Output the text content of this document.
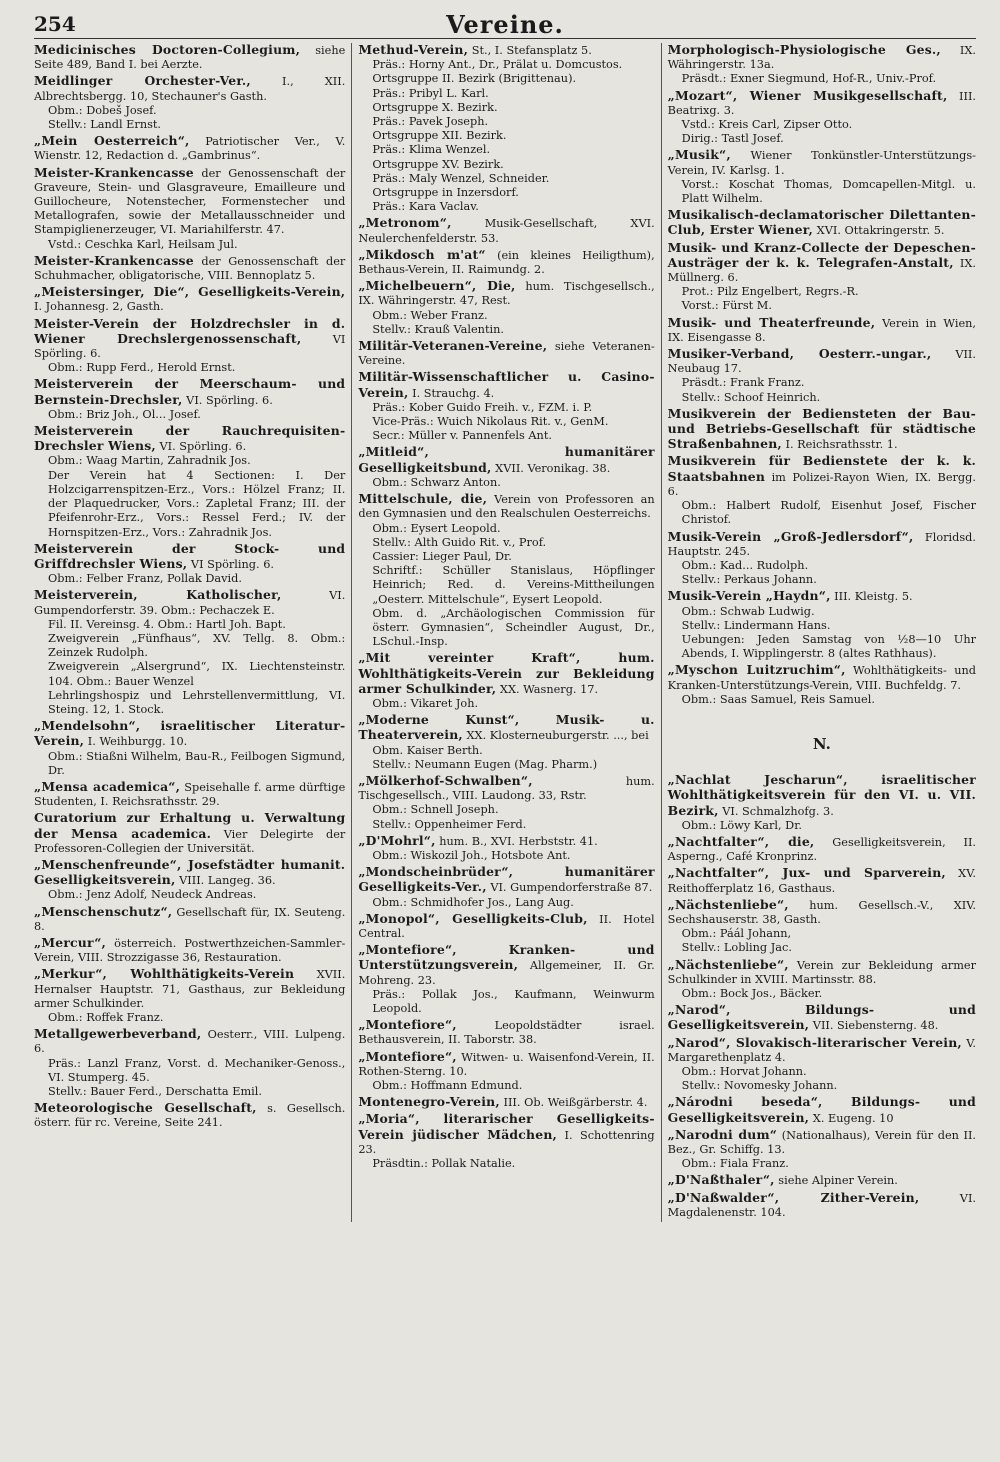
254	Vereine.
Medicinisches Doctoren-Collegium, siehe Seite 489, Band I. bei Aerzte.
Meidlinger Orchester-Ver.,	I., XII. Albrechtsbergg. 10, Stechauner's Gasth.
Obm.: Dobeš Josef.
Stellv.: Landl Ernst.
„Mein Oesterreich“, Patriotischer Ver., V. Wienstr. 12, Redaction d. „Gambrinus“.
Meister-Krankencasse der Genossenschaft der Graveure, Stein- und Glasgraveure, Emailleure und Guillocheure, Notenstecher, Formenstecher und Metallografen, sowie der Metallausschneider und Stampiglienerzeuger, VI. Mariahilferstr. 47.
Vstd.: Ceschka Karl, Heilsam Jul.
Meister-Krankencasse der Genossenschaft der Schuhmacher, obligatorische, VIII. Bennoplatz 5.
„Meistersinger, Die“, Geselligkeits-Verein, I. Johannesg. 2, Gasth.
Meister-Verein der Holzdrechsler in d. Wiener Drechslergenossenschaft,	VI Spörling. 6.
Obm.: Rupp Ferd., Herold Ernst.
Meisterverein der Meerschaum- und Bernstein-Drechsler, VI. Spörling. 6.
Obm.: Briz Joh., Ol... Josef.
Meisterverein der Rauchrequisiten-Drechsler Wiens, VI. Spörling. 6.
Obm.: Waag Martin, Zahradnik Jos.
Der Verein hat 4 Sectionen: I. Der Holzcigarrenspitzen-Erz., Vors.: Hölzel Franz; II. der Plaquedrucker, Vors.: Zapletal Franz; III. der Pfeifenrohr-Erz., Vors.: Ressel Ferd.; IV. der Hornspitzen-Erz., Vors.: Zahradnik Jos.
Meisterverein der Stock- und Griffdrechsler Wiens, VI Spörling. 6.
Obm.: Felber Franz, Pollak David.
Meisterverein, Katholischer,	VI. Gumpendorferstr. 39. Obm.: Pechaczek E.
Fil. II. Vereinsg. 4. Obm.: Hartl Joh. Bapt.
Zweigverein „Fünfhaus“, XV. Tellg. 8. Obm.: Zeinzek Rudolph.
Zweigverein „Alsergrund“, IX. Liechtensteinstr. 104. Obm.: Bauer Wenzel
Lehrlingshospiz und Lehrstellenvermittlung, VI. Steing. 12, 1. Stock.
„Mendelsohn“, israelitischer Literatur-Verein, I. Weihburgg. 10.
Obm.: Stiaßni Wilhelm, Bau-R., Feilbogen Sigmund, Dr.
„Mensa academica“, Speisehalle f. arme dürftige Studenten, I. Reichsrathsstr. 29.
Curatorium zur Erhaltung u. Verwaltung der Mensa academica. Vier Delegirte der Professoren-Collegien der Universität.
„Menschenfreunde“, Josefstädter humanit. Geselligkeitsverein, VIII. Langeg. 36.
Obm.: Jenz Adolf, Neudeck Andreas.
„Menschenschutz“, Gesellschaft für, IX. Seuteng. 8.
„Mercur“, österreich. Postwerthzeichen-Sammler-Verein, VIII. Strozzigasse 36, Restauration.
„Merkur“, Wohlthätigkeits-Verein XVII. Hernalser Hauptstr. 71, Gasthaus, zur Bekleidung armer Schulkinder.
Obm.: Roffek Franz.
Metallgewerbeverband, Oesterr., VIII. Lulpeng. 6.
Präs.: Lanzl Franz, Vorst. d. Mechaniker-Genoss., VI. Stumperg. 45.
Stellv.: Bauer Ferd., Derschatta Emil.
Meteorologische Gesellschaft, s. Gesellsch. österr. für rc. Vereine, Seite 241.
Methud-Verein, St., I. Stefansplatz 5.
Präs.: Horny Ant., Dr., Prälat u. Domcustos.
Ortsgruppe II. Bezirk (Brigittenau).
Präs.: Pribyl L. Karl.
Ortsgruppe X. Bezirk.
Präs.: Pavek Joseph.
Ortsgruppe XII. Bezirk.
Präs.: Klima Wenzel.
Ortsgruppe XV. Bezirk.
Präs.: Maly Wenzel, Schneider.
Ortsgruppe in Inzersdorf.
Präs.: Kara Vaclav.
„Metronom“,	Musik-Gesellschaft, XVI. Neulerchenfelderstr. 53.
„Mikdosch m'at“ (ein kleines Heiligthum), Bethaus-Verein, II. Raimundg. 2.
„Michelbeuern“, Die, hum. Tischgesellsch., IX. Währingerstr. 47, Rest.
Obm.: Weber Franz.
Stellv.: Krauß Valentin.
Militär-Veteranen-Vereine, siehe Veteranen-Vereine.
Militär-Wissenschaftlicher u. Casino-Verein, I. Strauchg. 4.
Präs.: Kober Guido Freih. v., FZM. i. P.
Vice-Präs.: Wuich Nikolaus Rit. v., GenM.
Secr.: Müller v. Pannenfels Ant.
„Mitleid“, humanitärer Geselligkeitsbund, XVII. Veronikag. 38.
Obm.: Schwarz Anton.
Mittelschule, die, Verein von Professoren an den Gymnasien und den Realschulen Oesterreichs.
Obm.: Eysert Leopold.
Stellv.: Alth Guido Rit. v., Prof.
Cassier: Lieger Paul, Dr.
Schriftf.: Schüller Stanislaus, Höpflinger Heinrich; Red. d. Vereins-Mittheilungen „Oesterr. Mittelschule“, Eysert Leopold.
Obm. d. „Archäologischen Commission für österr. Gymnasien“, Scheindler August, Dr., LSchul.-Insp.
„Mit vereinter Kraft“, hum. Wohlthätigkeits-Verein zur Bekleidung armer Schulkinder, XX. Wasnerg. 17.
Obm.: Vikaret Joh.
„Moderne Kunst“, Musik- u. Theaterverein, XX. Klosterneuburgerstr. ..., bei
Obm. Kaiser Berth.
Stellv.: Neumann Eugen (Mag. Pharm.)
„Mölkerhof-Schwalben“,	hum. Tischgesellsch., VIII. Laudong. 33, Rstr.
Obm.: Schnell Joseph.
Stellv.: Oppenheimer Ferd.
„D'Mohrl“, hum. B., XVI. Herbststr. 41.
Obm.: Wiskozil Joh., Hotsbote Ant.
„Mondscheinbrüder“, humanitärer Geselligkeits-Ver., VI. Gumpendorferstraße 87.
Obm.: Schmidhofer Jos., Lang Aug.
„Monopol“, Geselligkeits-Club, II. Hotel Central.
„Montefiore“, Kranken- und Unterstützungsverein, Allgemeiner, II. Gr. Mohreng. 23.
Präs.: Pollak Jos., Kaufmann, Weinwurm Leopold.
„Montefiore“,	Leopoldstädter israel. Bethausverein, II. Taborstr. 38.
„Montefiore“, Witwen- u. Waisenfond-Verein, II. Rothen-Sterng. 10.
Obm.: Hoffmann Edmund.
Montenegro-Verein, III. Ob. Weißgärberstr. 4.
„Moria“, literarischer Geselligkeits-Verein jüdischer Mädchen, I. Schottenring 23.
Präsdtin.: Pollak Natalie.
Morphologisch-Physiologische Ges., IX. Währingerstr. 13a.
Präsdt.: Exner Siegmund, Hof-R., Univ.-Prof.
„Mozart“, Wiener Musikgesellschaft, III. Beatrixg. 3.
Vstd.: Kreis Carl, Zipser Otto.
Dirig.: Tastl Josef.
„Musik“, Wiener Tonkünstler-Unterstützungs-Verein, IV. Karlsg. 1.
Vorst.: Koschat Thomas, Domcapellen-Mitgl. u. Platt Wilhelm.
Musikalisch-declamatorischer Dilettanten-Club, Erster Wiener, XVI. Ottakringerstr. 5.
Musik- und Kranz-Collecte der Depeschen-Austräger der k. k. Telegrafen-Anstalt, IX. Müllnerg. 6.
Prot.: Pilz Engelbert, Regrs.-R.
Vorst.: Fürst M.
Musik- und Theaterfreunde, Verein in Wien, IX. Eisengasse 8.
Musiker-Verband, Oesterr.-ungar., VII. Neubaug 17.
Präsdt.: Frank Franz.
Stellv.: Schoof Heinrich.
Musikverein der Bediensteten der Bau- und Betriebs-Gesellschaft für städtische Straßenbahnen, I. Reichsrathsstr. 1.
Musikverein für Bedienstete der k. k. Staatsbahnen im Polizei-Rayon Wien, IX. Bergg. 6.
Obm.: Halbert Rudolf, Eisenhut Josef, Fischer Christof.
Musik-Verein „Groß-Jedlersdorf“, Floridsd. Hauptstr. 245.
Obm.: Kad... Rudolph.
Stellv.: Perkaus Johann.
Musik-Verein „Haydn“, III. Kleistg. 5.
Obm.: Schwab Ludwig.
Stellv.: Lindermann Hans.
Uebungen: Jeden Samstag von ½8—10 Uhr Abends, I. Wipplingerstr. 8 (altes Rathhaus).
„Myschon Luitzruchim“, Wohlthätigkeits- und Kranken-Unterstützungs-Verein, VIII. Buchfeldg. 7.
Obm.: Saas Samuel, Reis Samuel.
N.
„Nachlat Jescharun“, israelitischer Wohlthätigkeitsverein für den VI. u. VII. Bezirk, VI. Schmalzhofg. 3.
Obm.: Löwy Karl, Dr.
„Nachtfalter“, die, Geselligkeitsverein, II. Asperng., Café Kronprinz.
„Nachtfalter“, Jux- und Sparverein, XV. Reithofferplatz 16, Gasthaus.
„Nächstenliebe“, hum. Gesellsch.-V., XIV. Sechshauserstr. 38, Gasth.
Obm.: Páál Johann,
Stellv.: Lobling Jac.
„Nächstenliebe“, Verein zur Bekleidung armer Schulkinder in XVIII. Martinsstr. 88.
Obm.: Bock Jos., Bäcker.
„Narod“, Bildungs- und Geselligkeitsverein, VII. Siebensterng. 48.
„Narod“, Slovakisch-literarischer Verein, V. Margarethenplatz 4.
Obm.: Horvat Johann.
Stellv.: Novomesky Johann.
„Národni beseda“, Bildungs- und Geselligkeitsverein, X. Eugeng. 10
„Narodni dum“ (Nationalhaus), Verein für den II. Bez., Gr. Schiffg. 13.
Obm.: Fiala Franz.
„D'Naßthaler“, siehe Alpiner Verein.
„D'Naßwalder“, Zither-Verein,	VI. Magdalenenstr. 104.
